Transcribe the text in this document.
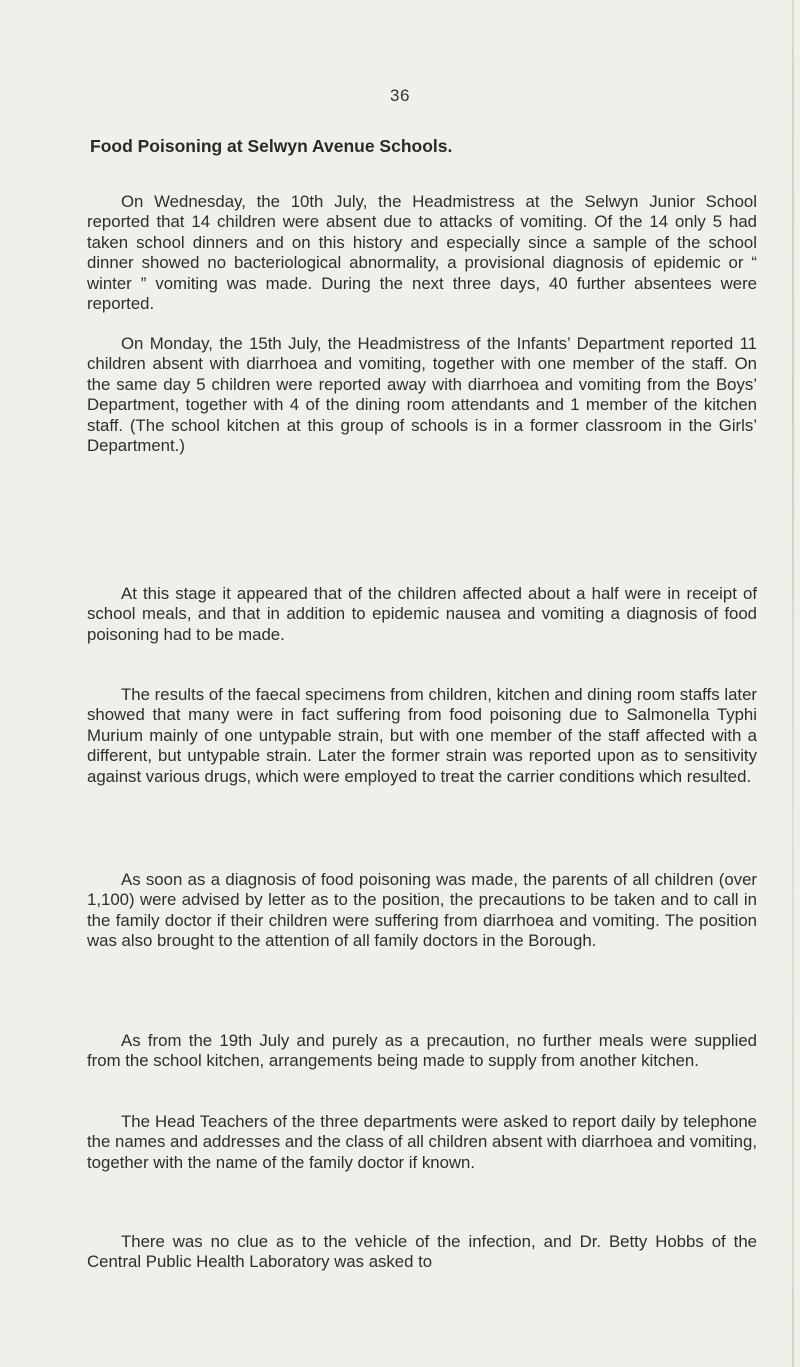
36
Food Poisoning at Selwyn Avenue Schools.

On Wednesday, the 10th July, the Headmistress at the Selwyn Junior School reported that 14 children were absent due to attacks of vomiting. Of the 14 only 5 had taken school dinners and on this history and especially since a sample of the school dinner showed no bacteriological abnormality, a provisional diagnosis of epidemic or “ winter ” vomiting was made. During the next three days, 40 further absentees were reported.

On Monday, the 15th July, the Headmistress of the Infants’ Department reported 11 children absent with diarrhoea and vomiting, together with one member of the staff. On the same day 5 children were reported away with diarrhoea and vomiting from the Boys’ Department, together with 4 of the dining room attendants and 1 member of the kitchen staff. (The school kitchen at this group of schools is in a former classroom in the Girls’ Department.)

At this stage it appeared that of the children affected about a half were in receipt of school meals, and that in addition to epidemic nausea and vomiting a diagnosis of food poisoning had to be made.

The results of the faecal specimens from children, kitchen and dining room staffs later showed that many were in fact suffering from food poisoning due to Salmonella Typhi Murium mainly of one untypable strain, but with one member of the staff affected with a different, but untypable strain. Later the former strain was reported upon as to sensitivity against various drugs, which were employed to treat the carrier conditions which resulted.

As soon as a diagnosis of food poisoning was made, the parents of all children (over 1,100) were advised by letter as to the position, the precautions to be taken and to call in the family doctor if their children were suffering from diarrhoea and vomiting. The position was also brought to the attention of all family doctors in the Borough.

As from the 19th July and purely as a precaution, no further meals were supplied from the school kitchen, arrangements being made to supply from another kitchen.

The Head Teachers of the three departments were asked to report daily by telephone the names and addresses and the class of all children absent with diarrhoea and vomiting, together with the name of the family doctor if known.

There was no clue as to the vehicle of the infection, and Dr. Betty Hobbs of the Central Public Health Laboratory was asked to
